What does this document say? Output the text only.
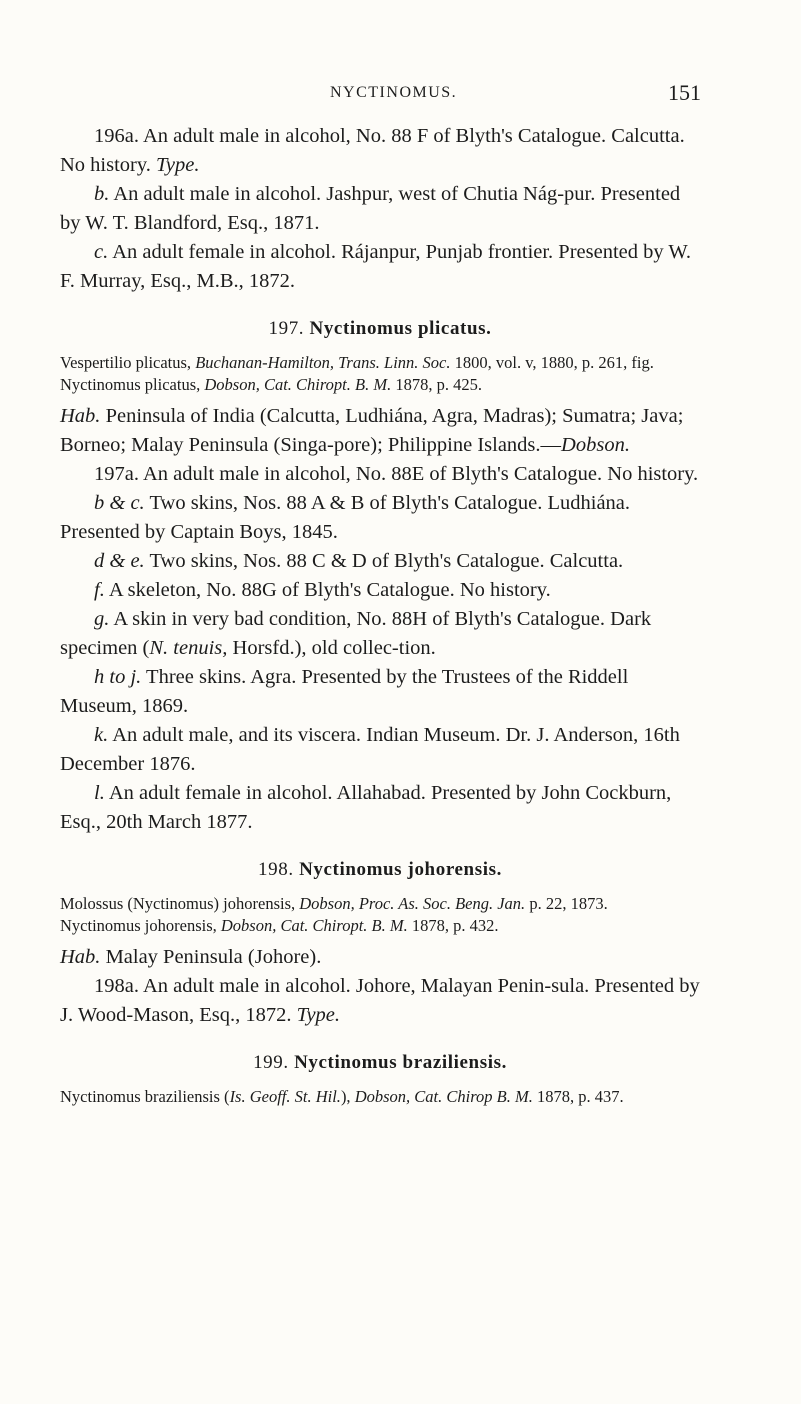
NYCTINOMUS.	151

196a. An adult male in alcohol, No. 88 F of Blyth's Catalogue. Calcutta. No history. Type.

b. An adult male in alcohol. Jashpur, west of Chutia Nág-pur. Presented by W. T. Blandford, Esq., 1871.

c. An adult female in alcohol. Rájanpur, Punjab frontier. Presented by W. F. Murray, Esq., M.B., 1872.

197. Nyctinomus plicatus.

Vespertilio plicatus, Buchanan-Hamilton, Trans. Linn. Soc. 1800, vol. v, 1880, p. 261, fig.

Nyctinomus plicatus, Dobson, Cat. Chiropt. B. M. 1878, p. 425.

Hab. Peninsula of India (Calcutta, Ludhiána, Agra, Madras); Sumatra; Java; Borneo; Malay Peninsula (Singa-pore); Philippine Islands.—Dobson.

197a. An adult male in alcohol, No. 88E of Blyth's Catalogue. No history.

b & c. Two skins, Nos. 88 A & B of Blyth's Catalogue. Ludhiána. Presented by Captain Boys, 1845.

d & e. Two skins, Nos. 88 C & D of Blyth's Catalogue. Calcutta.

f. A skeleton, No. 88G of Blyth's Catalogue. No history.

g. A skin in very bad condition, No. 88H of Blyth's Catalogue. Dark specimen (N. tenuis, Horsfd.), old collec-tion.

h to j. Three skins. Agra. Presented by the Trustees of the Riddell Museum, 1869.

k. An adult male, and its viscera. Indian Museum. Dr. J. Anderson, 16th December 1876.

l. An adult female in alcohol. Allahabad. Presented by John Cockburn, Esq., 20th March 1877.

198. Nyctinomus johorensis.

Molossus (Nyctinomus) johorensis, Dobson, Proc. As. Soc. Beng. Jan. p. 22, 1873.

Nyctinomus johorensis, Dobson, Cat. Chiropt. B. M. 1878, p. 432.

Hab. Malay Peninsula (Johore).

198a. An adult male in alcohol. Johore, Malayan Penin-sula. Presented by J. Wood-Mason, Esq., 1872. Type.

199. Nyctinomus braziliensis.

Nyctinomus braziliensis (Is. Geoff. St. Hil.), Dobson, Cat. Chirop B. M. 1878, p. 437.
